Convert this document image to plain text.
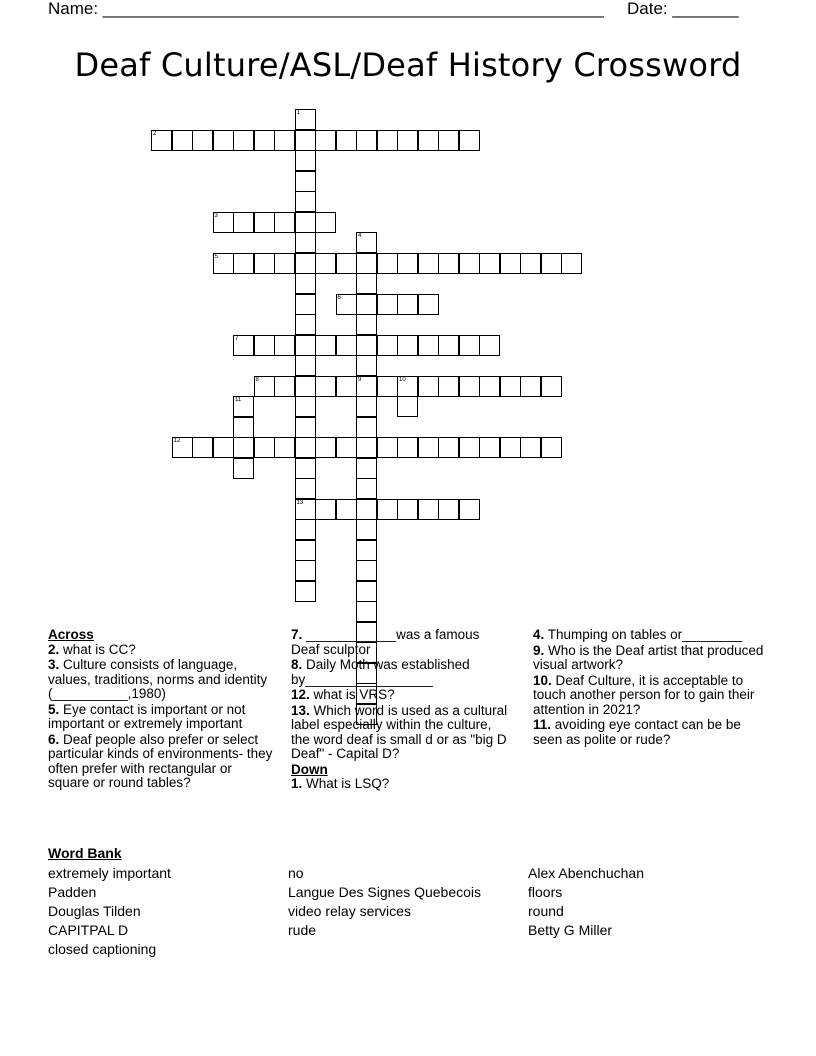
Name: _____________________________________________________ Date: _______
Deaf Culture/ASL/Deaf History Crossword
1
13
2
3
4
9
5
6
7
8	10
11
12
Across
2. what is CC?
3. Culture consists of language, values, traditions, norms and identity (__________,1980)
5. Eye contact is important or not important or extremely important
6. Deaf people also prefer or select particular kinds of environments- they often prefer with rectangular or square or round tables?
7. ____________was a famous Deaf sculptor
8. Daily Moth was established by_________________
12. what is VRS?
13. Which word is used as a cultural label especially within the culture, the word deaf is small d or as "big D Deaf" - Capital D?
Down
1. What is LSQ?
4. Thumping on tables or________
9. Who is the Deaf artist that produced visual artwork?
10. Deaf Culture, it is acceptable to touch another person for to gain their attention in 2021?
11. avoiding eye contact can be be seen as polite or rude?
Word Bank
extremely important
Padden
Douglas Tilden
CAPITPAL D
closed captioning
no
Langue Des Signes Quebecois
video relay services
rude
Alex Abenchuchan
floors
round
Betty G Miller
